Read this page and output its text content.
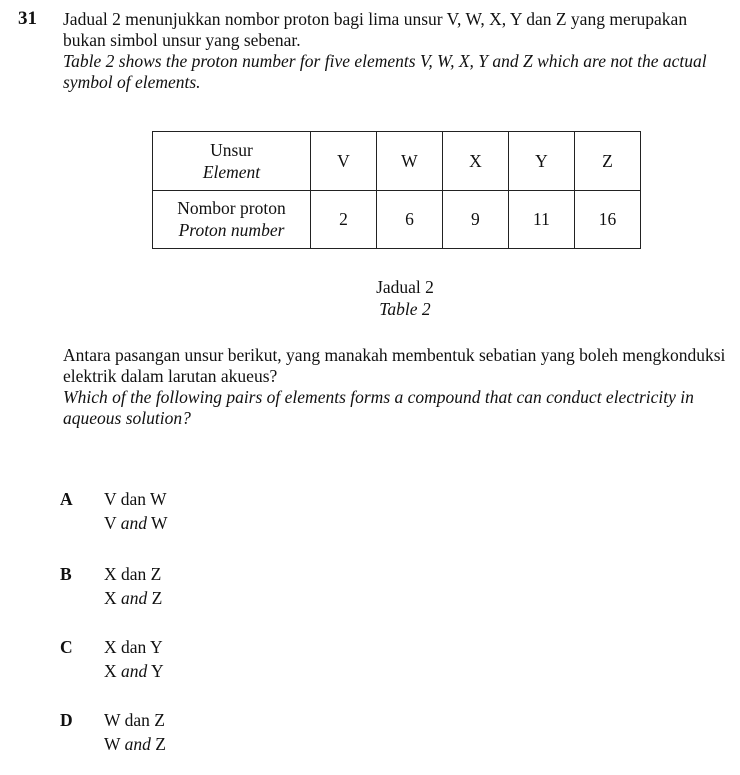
31 Jadual 2 menunjukkan nombor proton bagi lima unsur V, W, X, Y dan Z yang merupakan bukan simbol unsur yang sebenar.

Table 2 shows the proton number for five elements V, W, X, Y and Z which are not the actual symbol of elements.

Unsur
Element	V	W	X	Y	Z

Nombor proton
Proton number	2	6	9	11	16
Jadual 2
Table 2

Antara pasangan unsur berikut, yang manakah membentuk sebatian yang boleh mengkonduksi elektrik dalam larutan akueus?

Which of the following pairs of elements forms a compound that can conduct electricity in aqueous solution?

A V dan W
V and W
B X dan Z
X and Z
C X dan Y
X and Y
D W dan Z
W and Z
